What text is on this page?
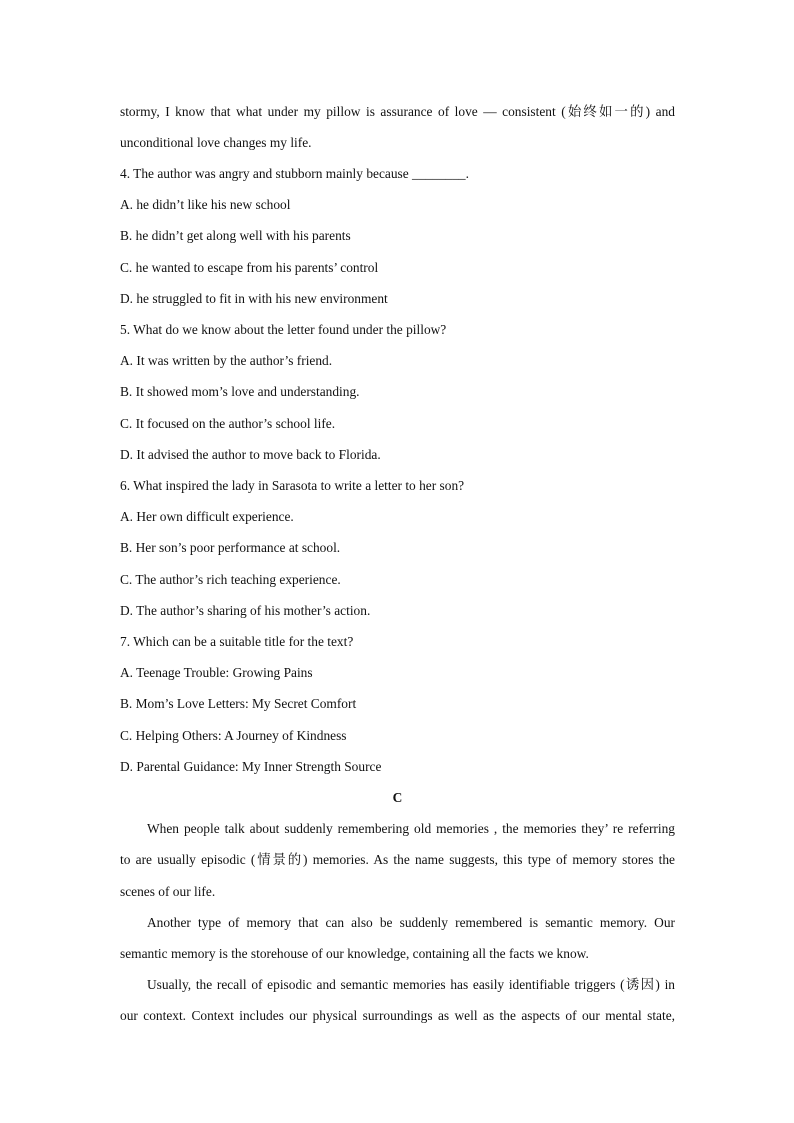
stormy, I know that what under my pillow is assurance of love — consistent (始终如一的) and
unconditional love changes my life.
4. The author was angry and stubborn mainly because ________.
A. he didn’t like his new school
B. he didn’t get along well with his parents
C. he wanted to escape from his parents’ control
D. he struggled to fit in with his new environment
5. What do we know about the letter found under the pillow?
A. It was written by the author’s friend.
B. It showed mom’s love and understanding.
C. It focused on the author’s school life.
D. It advised the author to move back to Florida.
6. What inspired the lady in Sarasota to write a letter to her son?
A. Her own difficult experience.
B. Her son’s poor performance at school.
C. The author’s rich teaching experience.
D. The author’s sharing of his mother’s action.
7. Which can be a suitable title for the text?
A. Teenage Trouble: Growing Pains
B. Mom’s Love Letters: My Secret Comfort
C. Helping Others: A Journey of Kindness
D. Parental Guidance: My Inner Strength Source
C
When people talk about suddenly remembering old memories , the memories they’ re referring
to are usually episodic (情景的) memories. As the name suggests, this type of memory stores the
scenes of our life.
Another type of memory that can also be suddenly remembered is semantic memory. Our
semantic memory is the storehouse of our knowledge, containing all the facts we know.
Usually, the recall of episodic and semantic memories has easily identifiable triggers (诱因) in
our context. Context includes our physical surroundings as well as the aspects of our mental state,
